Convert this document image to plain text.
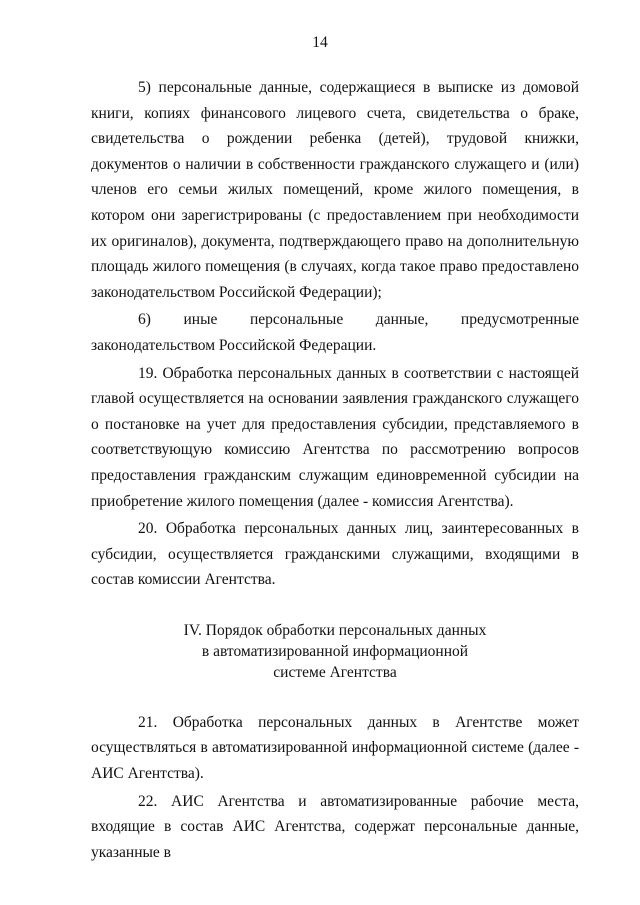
14

5) персональные данные, содержащиеся в выписке из домовой книги, копиях финансового лицевого счета, свидетельства о браке, свидетельства о рождении ребенка (детей), трудовой книжки, документов о наличии в собственности гражданского служащего и (или) членов его семьи жилых помещений, кроме жилого помещения, в котором они зарегистрированы (с предоставлением при необходимости их оригиналов), документа, подтверждающего право на дополнительную площадь жилого помещения (в случаях, когда такое право предоставлено законодательством Российской Федерации);

6) иные персональные данные, предусмотренные законодательством Российской Федерации.

19. Обработка персональных данных в соответствии с настоящей главой осуществляется на основании заявления гражданского служащего о постановке на учет для предоставления субсидии, представляемого в соответствующую комиссию Агентства по рассмотрению вопросов предоставления гражданским служащим единовременной субсидии на приобретение жилого помещения (далее - комиссия Агентства).

20. Обработка персональных данных лиц, заинтересованных в субсидии, осуществляется гражданскими служащими, входящими в состав комиссии Агентства.

IV. Порядок обработки персональных данных
в автоматизированной информационной
системе Агентства

21. Обработка персональных данных в Агентстве может осуществляться в автоматизированной информационной системе (далее - АИС Агентства).

22. АИС Агентства и автоматизированные рабочие места, входящие в состав АИС Агентства, содержат персональные данные, указанные в
